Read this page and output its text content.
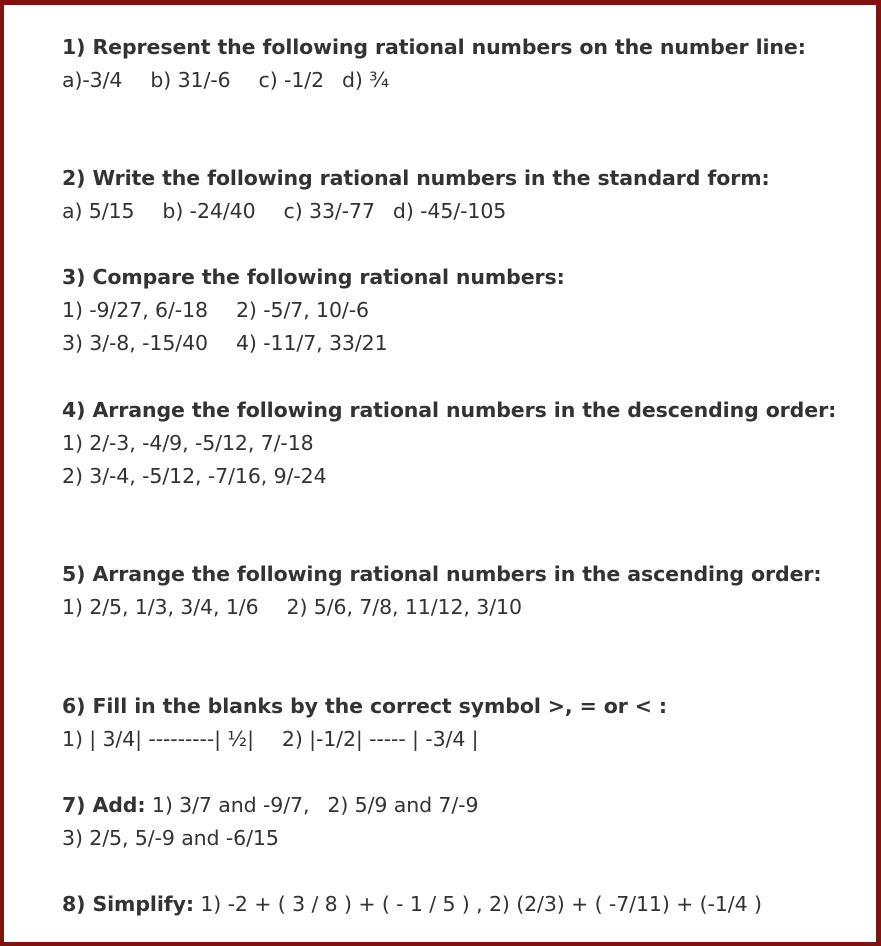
1) Represent the following rational numbers on the number line:
a)-3/4 b) 31/-6 c) -1/2 d) ¾
2) Write the following rational numbers in the standard form:
a) 5/15 b) -24/40 c) 33/-77 d) -45/-105
3) Compare the following rational numbers:
1) -9/27, 6/-18 2) -5/7, 10/-6
3) 3/-8, -15/40 4) -11/7, 33/21
4) Arrange the following rational numbers in the descending order:
1) 2/-3, -4/9, -5/12, 7/-18
2) 3/-4, -5/12, -7/16, 9/-24
5) Arrange the following rational numbers in the ascending order:
1) 2/5, 1/3, 3/4, 1/6 2) 5/6, 7/8, 11/12, 3/10
6) Fill in the blanks by the correct symbol >, = or < :
1) | 3/4| ---------| ½| 2) |-1/2| ----- | -3/4 |
7) Add: 1) 3/7 and -9/7, 2) 5/9 and 7/-9
3) 2/5, 5/-9 and -6/15
8) Simplify: 1) -2 + ( 3 / 8 ) + ( - 1 / 5 ) , 2) (2/3) + ( -7/11) + (-1/4 )
